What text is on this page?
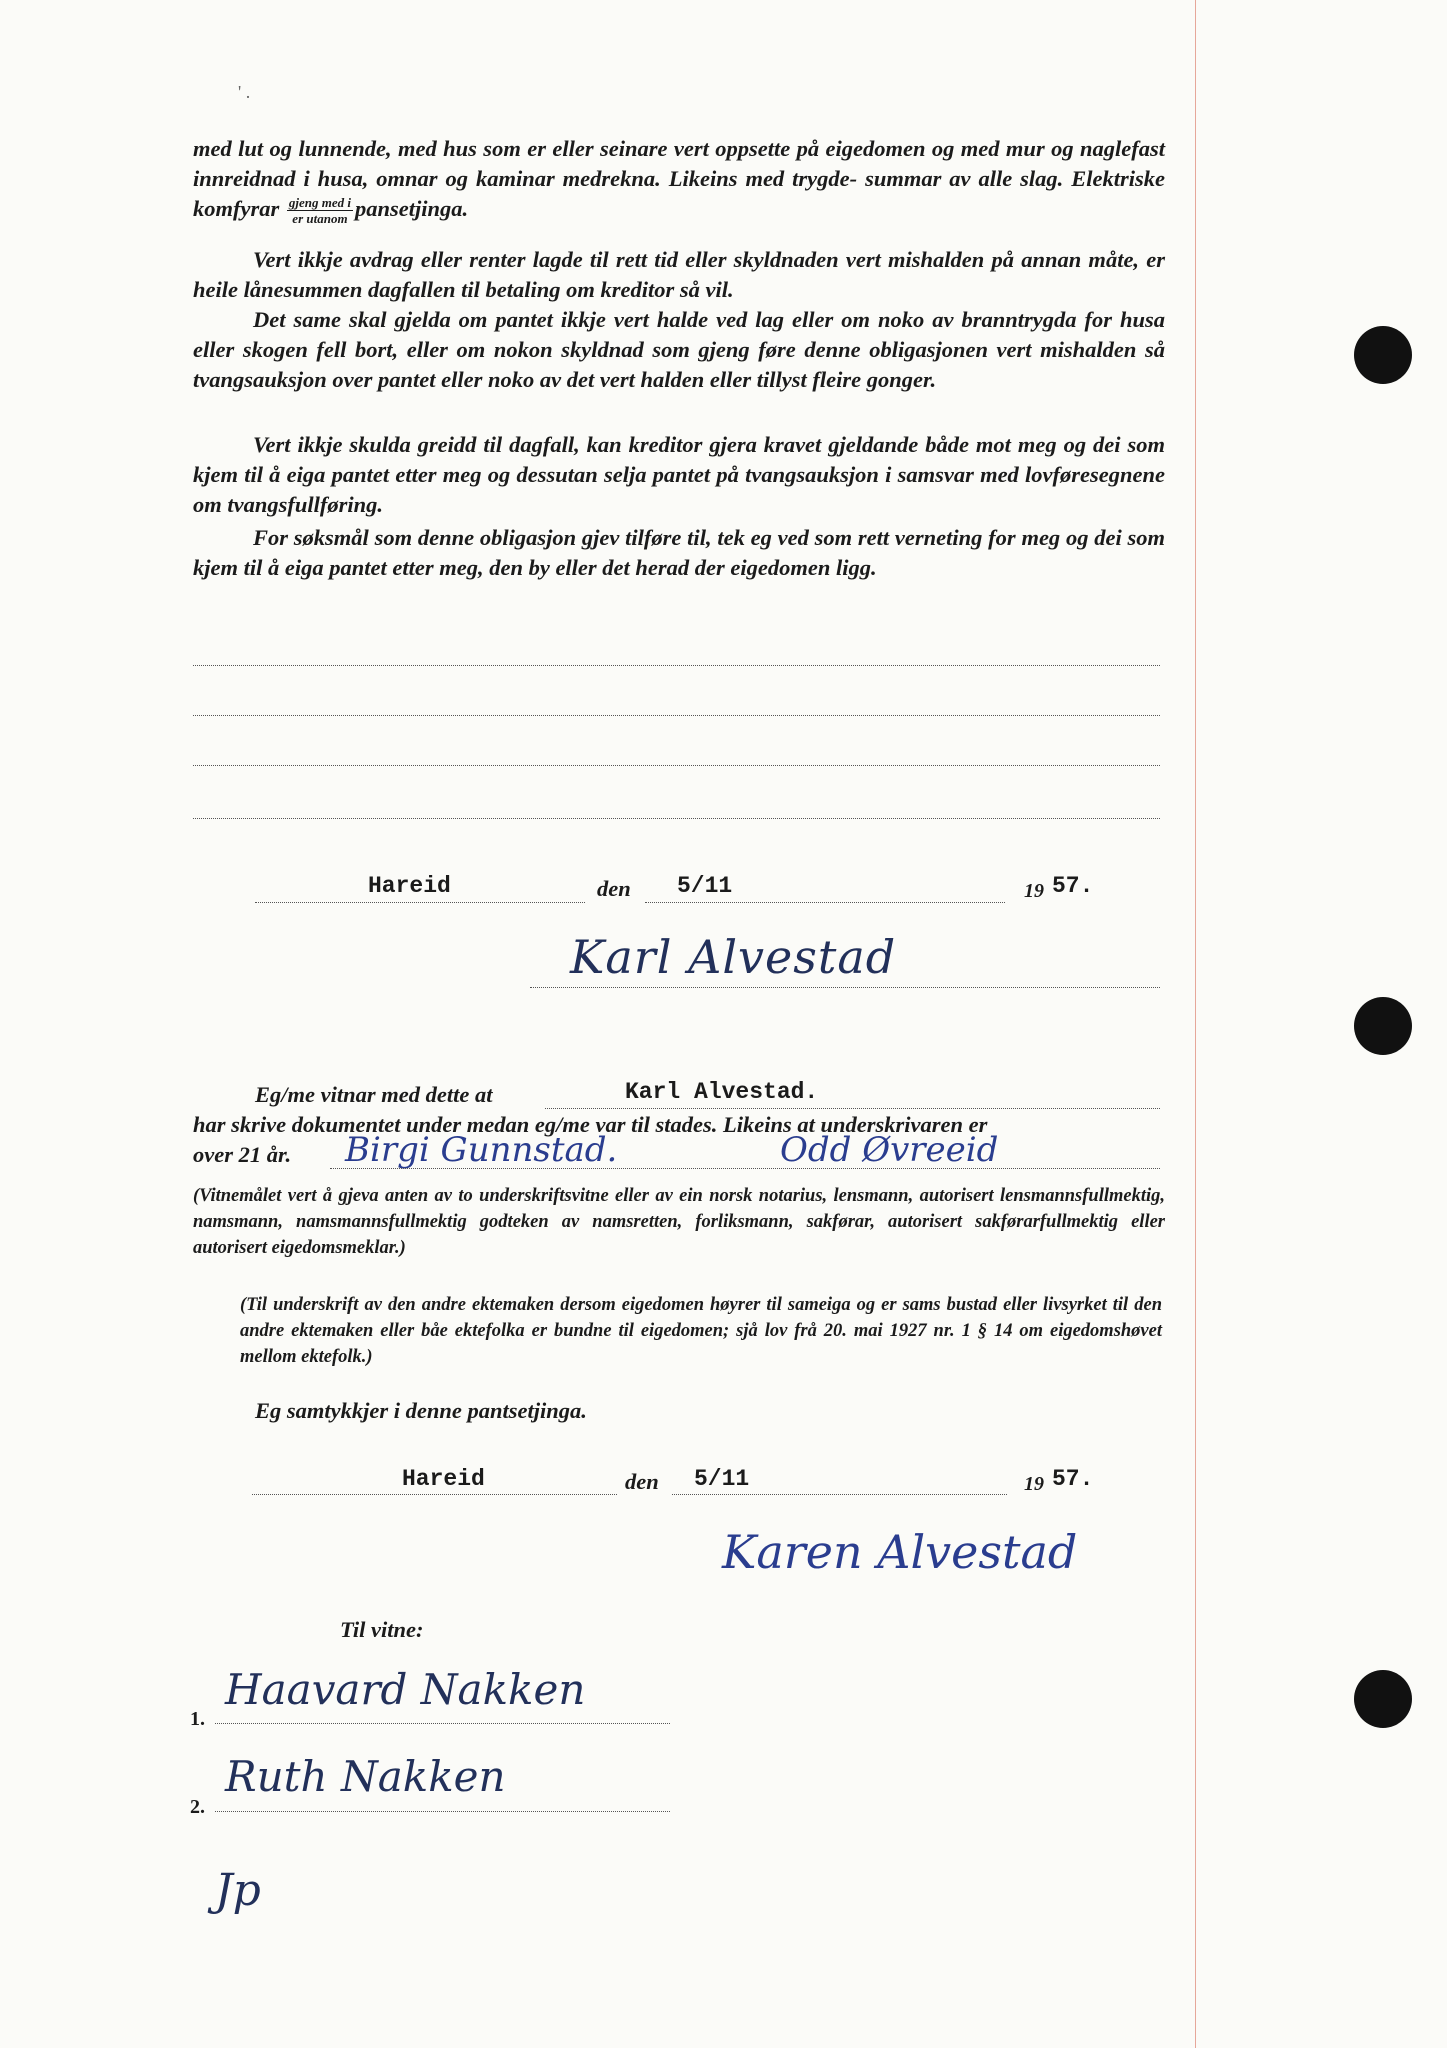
' .

med lut og lunnende, med hus som er eller seinare vert oppsette på eigedomen og med mur og naglefast innreidnad i husa, omnar og kaminar medrekna. Likeins med trygde- summar av alle slag. Elektriske komfyrar $\frac{\text{gjeng med i}}{\text{er utanom}}$ pansetjinga.

Vert ikkje avdrag eller renter lagde til rett tid eller skyldnaden vert mishalden på annan måte, er heile lånesummen dagfallen til betaling om kreditor så vil.

Det same skal gjelda om pantet ikkje vert halde ved lag eller om noko av branntrygda for husa eller skogen fell bort, eller om nokon skyldnad som gjeng føre denne obligasjonen vert mishalden så tvangsauksjon over pantet eller noko av det vert halden eller tillyst fleire gonger.

Vert ikkje skulda greidd til dagfall, kan kreditor gjera kravet gjeldande både mot meg og dei som kjem til å eiga pantet etter meg og dessutan selja pantet på tvangsauksjon i samsvar med lovføresegnene om tvangsfullføring.

For søksmål som denne obligasjon gjev tilføre til, tek eg ved som rett verneting for meg og dei som kjem til å eiga pantet etter meg, den by eller det herad der eigedomen ligg.

Hareid	den 5/11	19 57.
Karl Alvestad
Eg/me vitnar med dette at	Karl Alvestad.
har skrive dokumentet under medan eg/me var til stades. Likeins at underskrivaren er
over 21 år. Birgi Gunnstad.	Odd Øvreeid

(Vitnemålet vert å gjeva anten av to underskriftsvitne eller av ein norsk notarius, lensmann, autorisert lensmannsfullmektig, namsmann, namsmannsfullmektig godteken av namsretten, forliksmann, sakførar, autorisert sakførarfullmektig eller autorisert eigedomsmeklar.)

(Til underskrift av den andre ektemaken dersom eigedomen høyrer til sameiga og er sams bustad eller livsyrket til den andre ektemaken eller båe ektefolka er bundne til eigedomen; sjå lov frå 20. mai 1927 nr. 1 § 14 om eigedomshøvet mellom ektefolk.)

Eg samtykkjer i denne pantsetjinga.
Hareid	den 5/11	19 57.
Karen Alvestad
Til vitne:
1.
Haavard Nakken
2.
Ruth Nakken
Jp
